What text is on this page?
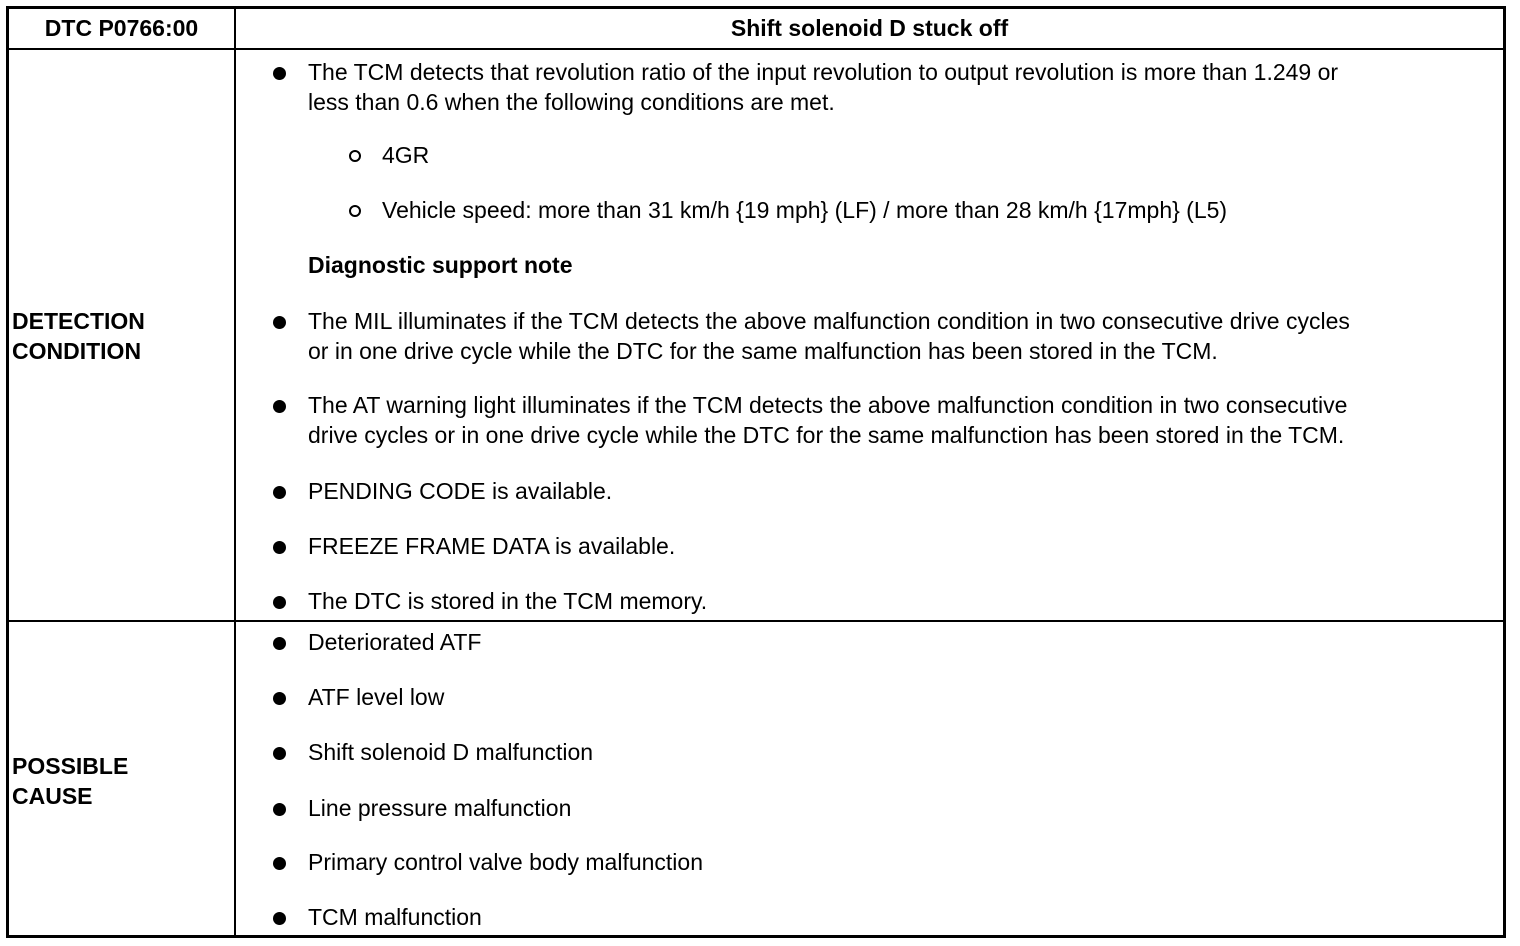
DTC P0766:00	Shift solenoid D stuck off
DETECTION
CONDITION
POSSIBLE
CAUSE
The TCM detects that revolution ratio of the input revolution to output revolution is more than 1.249 or
less than 0.6 when the following conditions are met.
4GR
Vehicle speed: more than 31 km/h {19 mph} (LF) / more than 28 km/h {17mph} (L5)
Diagnostic support note
The MIL illuminates if the TCM detects the above malfunction condition in two consecutive drive cycles
or in one drive cycle while the DTC for the same malfunction has been stored in the TCM.
The AT warning light illuminates if the TCM detects the above malfunction condition in two consecutive
drive cycles or in one drive cycle while the DTC for the same malfunction has been stored in the TCM.
PENDING CODE is available.
FREEZE FRAME DATA is available.
The DTC is stored in the TCM memory.
Deteriorated ATF
ATF level low
Shift solenoid D malfunction
Line pressure malfunction
Primary control valve body malfunction
TCM malfunction
